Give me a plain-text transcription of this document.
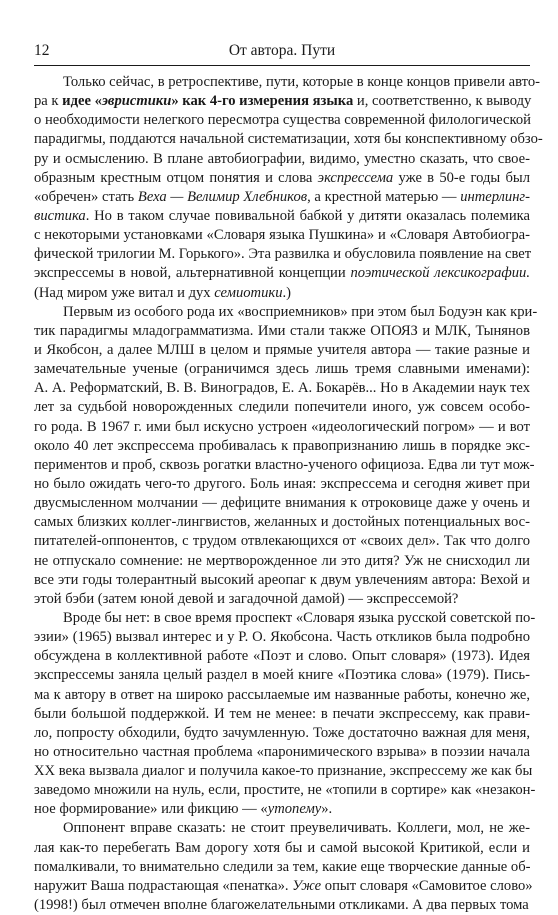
12	От автора. Пути
Только сейчас, в ретроспективе, пути, которые в конце концов привели авто-
ра к идее «эвристики» как 4-го измерения языка и, соответственно, к выводу
о необходимости нелегкого пересмотра существа современной филологической
парадигмы, поддаются начальной систематизации, хотя бы конспективному обзо-
ру и осмыслению. В плане автобиографии, видимо, уместно сказать, что свое-
образным крестным отцом понятия и слова экспрессема уже в 50-е годы был
«обречен» стать Веха — Велимир Хлебников, а крестной матерью — интерлинг-
вистика. Но в таком случае повивальной бабкой у дитяти оказалась полемика
с некоторыми установками «Словаря языка Пушкина» и «Словаря Автобиогра-
фической трилогии М. Горького». Эта развилка и обусловила появление на свет
экспрессемы в новой, альтернативной концепции поэтической лексикографии.
(Над миром уже витал и дух семиотики.)
Первым из особого рода их «восприемников» при этом был Бодуэн как кри-
тик парадигмы младограмматизма. Ими стали также ОПОЯЗ и МЛК, Тынянов
и Якобсон, а далее МЛШ в целом и прямые учителя автора — такие разные и
замечательные ученые (ограничимся здесь лишь тремя славными именами):
А. А. Реформатский, В. В. Виноградов, Е. А. Бокарёв... Но в Академии наук тех
лет за судьбой новорожденных следили попечители иного, уж совсем особо-
го рода. В 1967 г. ими был искусно устроен «идеологический погром» — и вот
около 40 лет экспрессема пробивалась к правопризнанию лишь в порядке экс-
периментов и проб, сквозь рогатки властно-ученого официоза. Едва ли тут мож-
но было ожидать чего-то другого. Боль иная: экспрессема и сегодня живет при
двусмысленном молчании — дефиците внимания к отроковице даже у очень и
самых близких коллег-лингвистов, желанных и достойных потенциальных вос-
питателей-оппонентов, с трудом отвлекающихся от «своих дел». Так что долго
не отпускало сомнение: не мертворожденное ли это дитя? Уж не снисходил ли
все эти годы толерантный высокий ареопаг к двум увлечениям автора: Вехой и
этой бэби (затем юной девой и загадочной дамой) — экспрессемой?
Вроде бы нет: в свое время проспект «Словаря языка русской советской по-
эзии» (1965) вызвал интерес и у Р. О. Якобсона. Часть откликов была подробно
обсуждена в коллективной работе «Поэт и слово. Опыт словаря» (1973). Идея
экспрессемы заняла целый раздел в моей книге «Поэтика слова» (1979). Пись-
ма к автору в ответ на широко рассылаемые им названные работы, конечно же,
были большой поддержкой. И тем не менее: в печати экспрессему, как прави-
ло, попросту обходили, будто зачумленную. Тоже достаточно важная для меня,
но относительно частная проблема «паронимического взрыва» в поэзии начала
XX века вызвала диалог и получила какое-то признание, экспрессему же как бы
заведомо множили на нуль, если, простите, не «топили в сортире» как «незакон-
ное формирование» или фикцию — «утопему».
Оппонент вправе сказать: не стоит преувеличивать. Коллеги, мол, не же-
лая как-то перебегать Вам дорогу хотя бы и самой высокой Критикой, если и
помалкивали, то внимательно следили за тем, какие еще творческие данные об-
наружит Ваша подрастающая «пенатка». Уже опыт словаря «Самовитое слово»
(1998!) был отмечен вполне благожелательными откликами. А два первых тома
